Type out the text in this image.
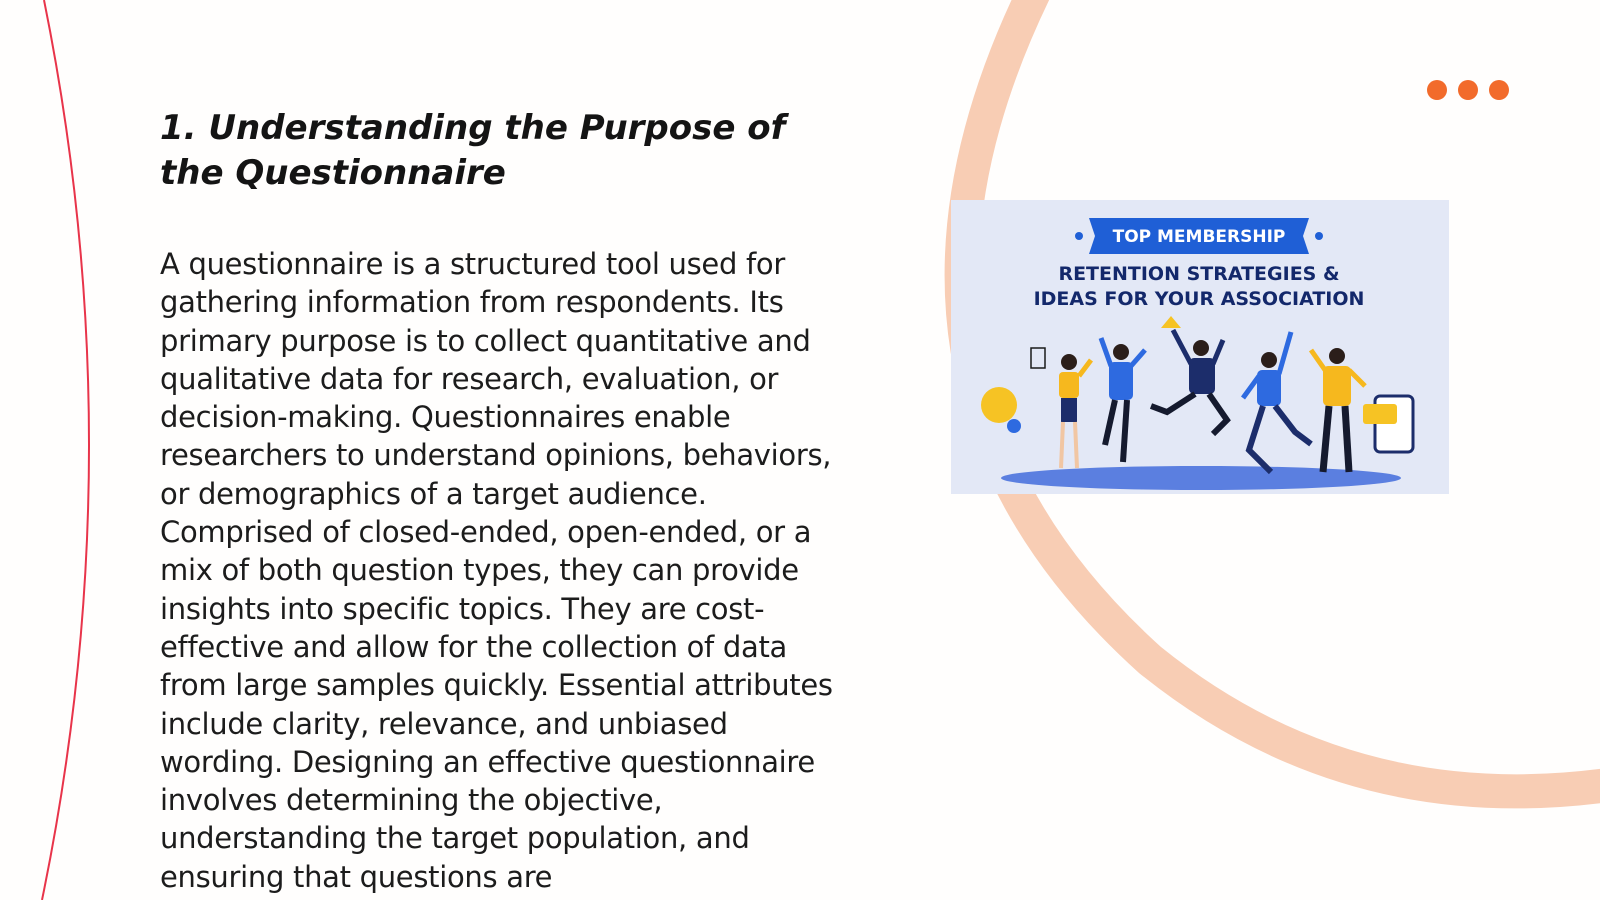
1. Understanding the Purpose of the Questionnaire

A questionnaire is a structured tool used for gathering information from respondents. Its primary purpose is to collect quantitative and qualitative data for research, evaluation, or decision-making. Questionnaires enable researchers to understand opinions, behaviors, or demographics of a target audience. Comprised of closed-ended, open-ended, or a mix of both question types, they can provide insights into specific topics. They are cost-effective and allow for the collection of data from large samples quickly. Essential attributes include clarity, relevance, and unbiased wording. Designing an effective questionnaire involves determining the objective, understanding the target population, and ensuring that questions are

TOP MEMBERSHIP
RETENTION STRATEGIES &
IDEAS FOR YOUR ASSOCIATION
